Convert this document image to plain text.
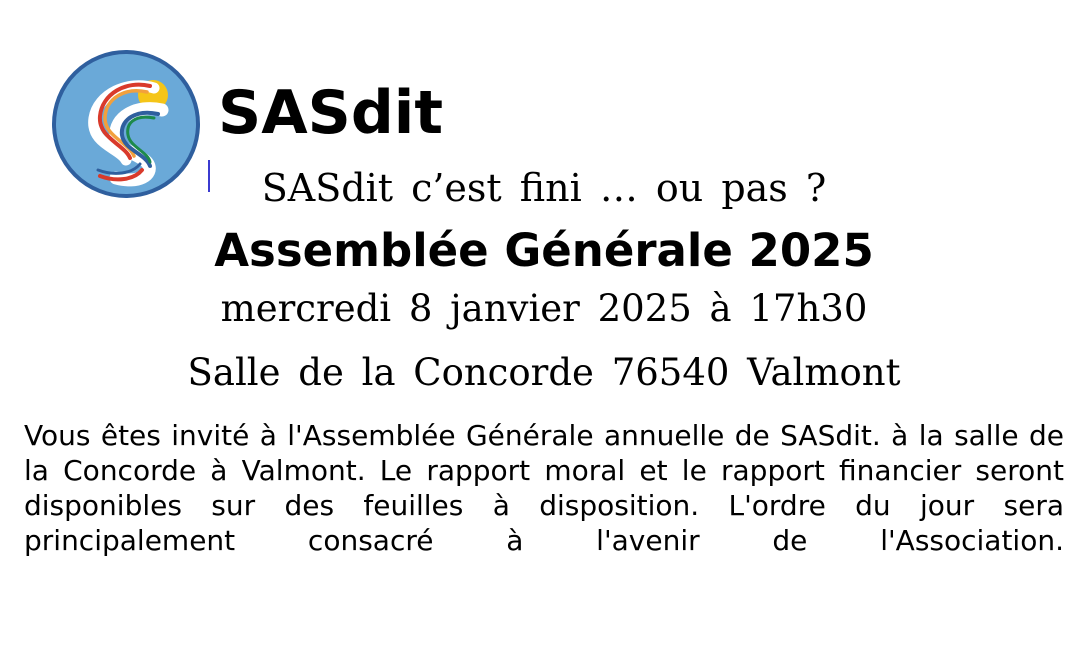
SASdit
SASdit c’est fini … ou pas ?
Assemblée Générale 2025
mercredi 8 janvier 2025 à 17h30
Salle de la Concorde 76540 Valmont
Vous êtes invité à l'Assemblée Générale annuelle de SASdit. à la salle de la Concorde à Valmont. Le rapport moral et le rapport financier seront disponibles sur des feuilles à disposition. L'ordre du jour sera principalement consacré à l'avenir de l'Association.
